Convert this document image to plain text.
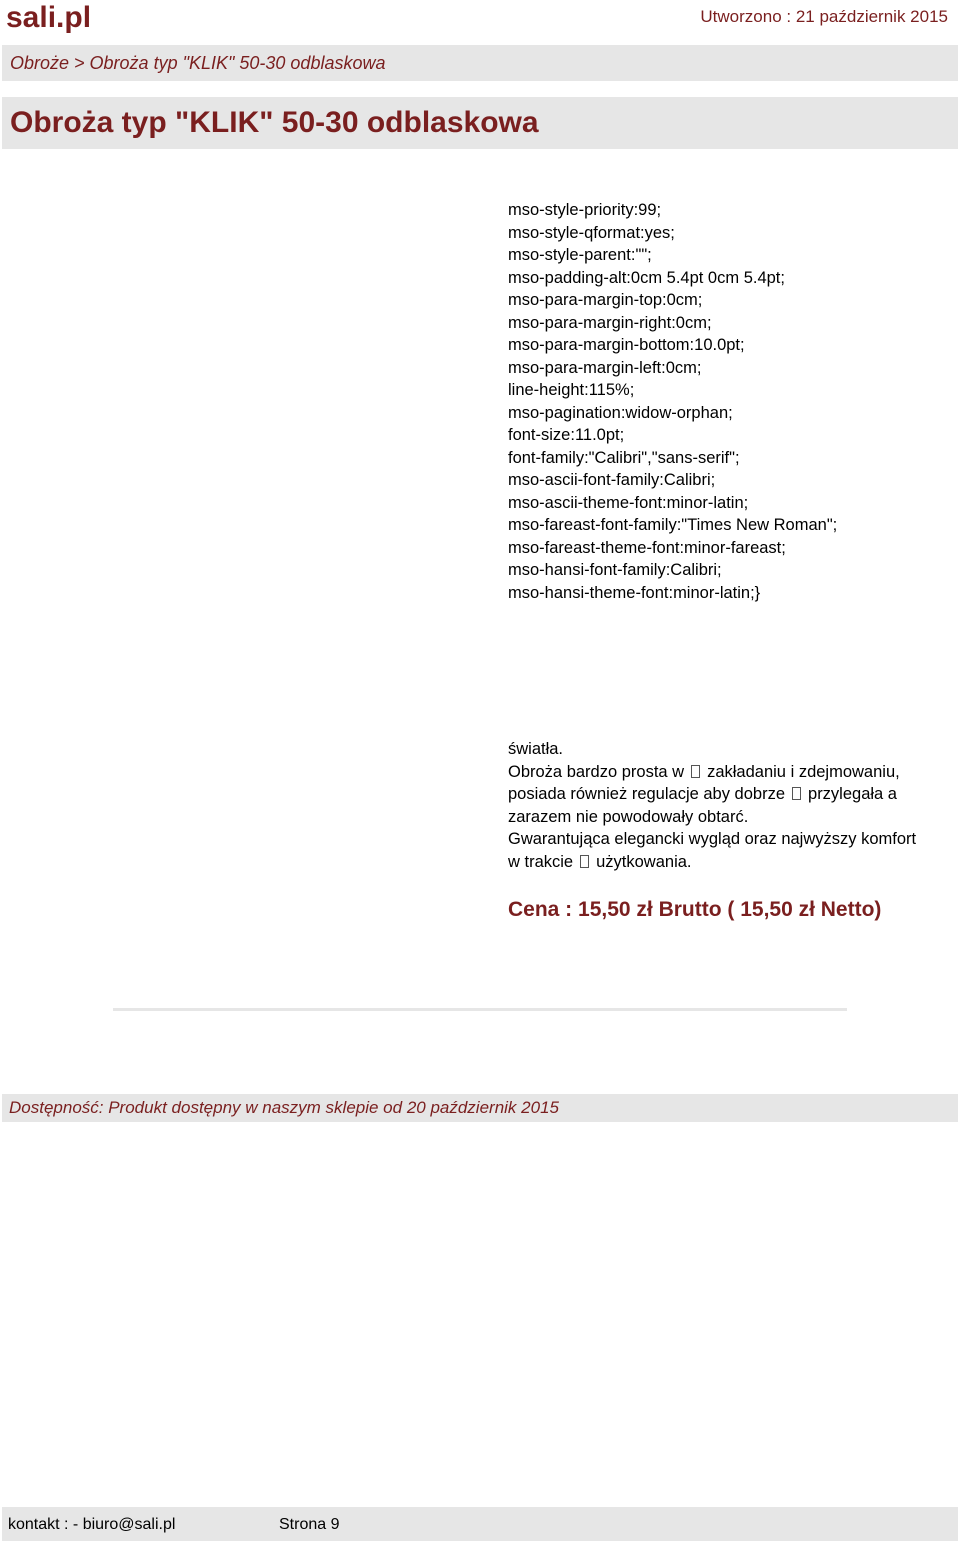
sali.pl	Utworzono : 21 październik 2015
Obroże > Obroża typ "KLIK" 50-30 odblaskowa
Obroża typ "KLIK" 50-30 odblaskowa
mso-style-priority:99;
mso-style-qformat:yes;
mso-style-parent:"";
mso-padding-alt:0cm 5.4pt 0cm 5.4pt;
mso-para-margin-top:0cm;
mso-para-margin-right:0cm;
mso-para-margin-bottom:10.0pt;
mso-para-margin-left:0cm;
line-height:115%;
mso-pagination:widow-orphan;
font-size:11.0pt;
font-family:"Calibri","sans-serif";
mso-ascii-font-family:Calibri;
mso-ascii-theme-font:minor-latin;
mso-fareast-font-family:"Times New Roman";
mso-fareast-theme-font:minor-fareast;
mso-hansi-font-family:Calibri;
mso-hansi-theme-font:minor-latin;}

światła.

Obroża bardzo prosta w zakładaniu i zdejmowaniu, posiada również regulacje aby dobrze przylegała a zarazem nie powodowały obtarć.

Gwarantująca elegancki wygląd oraz najwyższy komfort w trakcie użytkowania.

Cena : 15,50 zł Brutto ( 15,50 zł Netto)
Dostępność: Produkt dostępny w naszym sklepie od 20 październik 2015
kontakt : - biuro@sali.pl	Strona 9
